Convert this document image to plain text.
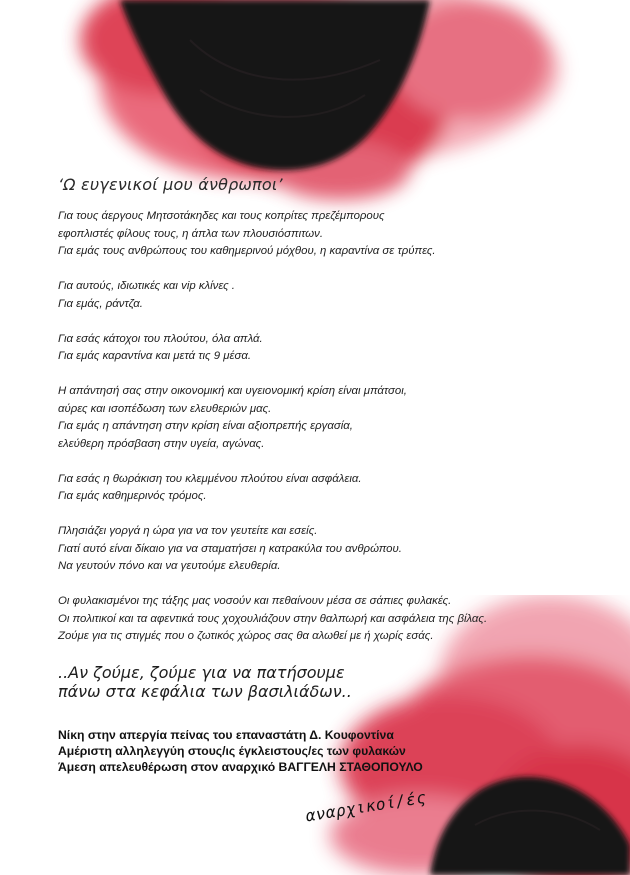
‘Ω ευγενικοί μου άνθρωποι’
Για τους άεργους Μητσοτάκηδες και τους κοπρίτες πρεζέμπορους
εφοπλιστές φίλους τους, η άπλα των πλουσιόσπιτων.
Για εμάς τους ανθρώπους του καθημερινού μόχθου, η καραντίνα σε τρύπες.
Για αυτούς, ιδιωτικές και vip κλίνες .
Για εμάς, ράντζα.
Για εσάς κάτοχοι του πλούτου, όλα απλά.
Για εμάς καραντίνα και μετά τις 9 μέσα.
Η απάντησή σας στην οικονομική και υγειονομική κρίση είναι μπάτσοι,
αύρες και ισοπέδωση των ελευθεριών μας.
Για εμάς η απάντηση στην κρίση είναι αξιοπρεπής εργασία,
ελεύθερη πρόσβαση στην υγεία, αγώνας.
Για εσάς η θωράκιση του κλεμμένου πλούτου είναι ασφάλεια.
Για εμάς καθημερινός τρόμος.
Πλησιάζει γοργά η ώρα για να τον γευτείτε και εσείς.
Γιατί αυτό είναι δίκαιο για να σταματήσει η κατρακύλα του ανθρώπου.
Να γευτούν πόνο και να γευτούμε ελευθερία.
Οι φυλακισμένοι της τάξης μας νοσούν και πεθαίνουν μέσα σε σάπιες φυλακές.
Οι πολιτικοί και τα αφεντικά τους χοχουλιάζουν στην θαλπωρή και ασφάλεια της βίλας.
Ζούμε για τις στιγμές που ο ζωτικός χώρος σας θα αλωθεί με ή χωρίς εσάς.
..Αν ζούμε, ζούμε για να πατήσουμε
πάνω στα κεφάλια των βασιλιάδων..
Νίκη στην απεργία πείνας του επαναστάτη Δ. Κουφοντίνα
Αμέριστη αλληλεγγύη στους/ις έγκλειστους/ες των φυλακών
Άμεση απελευθέρωση στον αναρχικό ΒΑΓΓΕΛΗ ΣΤΑΘΟΠΟΥΛΟ
αναρχικοί/ές
